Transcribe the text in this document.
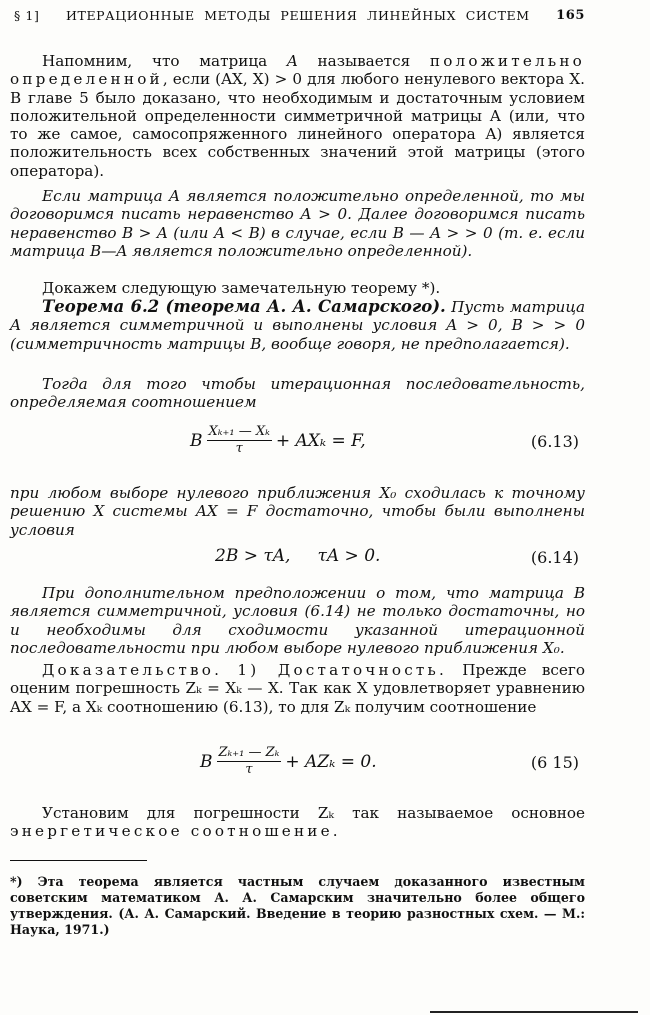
§ 1] ИТЕРАЦИОННЫЕ МЕТОДЫ РЕШЕНИЯ ЛИНЕЙНЫХ СИСТЕМ 165
Напомним, что матрица A называется положительно определенной, если (AX, X) > 0 для любого ненулевого вектора X. В главе 5 было доказано, что необходимым и достаточным условием положительной определенности симметричной матрицы A (или, что то же самое, самосопряженного линейного оператора A) является положительность всех собственных значений этой матрицы (этого оператора).
Если матрица A является положительно определенной, то мы договоримся писать неравенство A > 0. Далее договоримся писать неравенство B > A (или A < B) в случае, если B — A > > 0 (т. е. если матрица B—A является положительно определенной).
Докажем следующую замечательную теорему *).
Теорема 6.2 (теорема А. А. Самарского). Пусть матрица A является симметричной и выполнены условия A > 0, B > > 0 (симметричность матрицы B, вообще говоря, не предполагается).
Тогда для того чтобы итерационная последовательность, определяемая соотношением
B $\frac{\text{Xₖ₊₁ — Xₖ}}{\tau} + AX_k = F$,	(6.13)
при любом выборе нулевого приближения X₀ сходилась к точному решению X системы AX = F достаточно, чтобы были выполнены условия
2B > τA,     τA > 0.	(6.14)
При дополнительном предположении о том, что матрица B является симметричной, условия (6.14) не только достаточны, но и необходимы для сходимости указанной итерационной последовательности при любом выборе нулевого приближения X₀.
Доказательство. 1) Достаточность. Прежде всего оценим погрешность Zₖ = Xₖ — X. Так как X удовлетворяет уравнению AX = F, а Xₖ соотношению (6.13), то для Zₖ получим соотношение
B $\frac{\text{Zₖ₊₁ — Zₖ}}{\tau} + AZ_k = 0$.	(6 15)
Установим для погрешности Zₖ так называемое основное энергетическое соотношение.
*) Эта теорема является частным случаем доказанного известным советским математиком А. А. Самарским значительно более общего утверждения. (А. А. Самарский. Введение в теорию разностных схем. — М.: Наука, 1971.)
